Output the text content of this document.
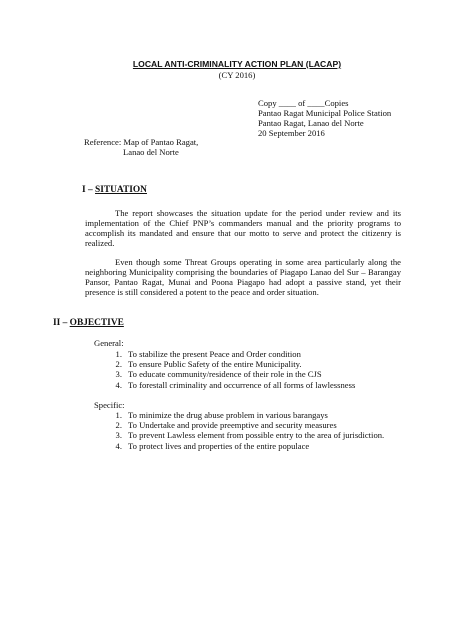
LOCAL ANTI-CRIMINALITY ACTION PLAN (LACAP)
(CY 2016)
Copy ____ of ____Copies
Pantao Ragat Municipal Police Station
Pantao Ragat, Lanao del Norte
20 September 2016
Reference: Map of Pantao Ragat,
Lanao del Norte
I – SITUATION
The report showcases the situation update for the period under review and its implementation of the Chief PNP’s commanders manual and the priority programs to accomplish its mandated and ensure that our motto to serve and protect the citizenry is realized.
Even though some Threat Groups operating in some area particularly along the neighboring Municipality comprising the boundaries of Piagapo Lanao del Sur – Barangay Pansor, Pantao Ragat, Munai and Poona Piagapo had adopt a passive stand, yet their presence is still considered a potent to the peace and order situation.
II – OBJECTIVE
General:
1. To stabilize the present Peace and Order condition
2. To ensure Public Safety of the entire Municipality.
3. To educate community/residence of their role in the CJS
4. To forestall criminality and occurrence of all forms of lawlessness
Specific:
1. To minimize the drug abuse problem in various barangays
2. To Undertake and provide preemptive and security measures
3. To prevent Lawless element from possible entry to the area of jurisdiction.
4. To protect lives and properties of the entire populace
